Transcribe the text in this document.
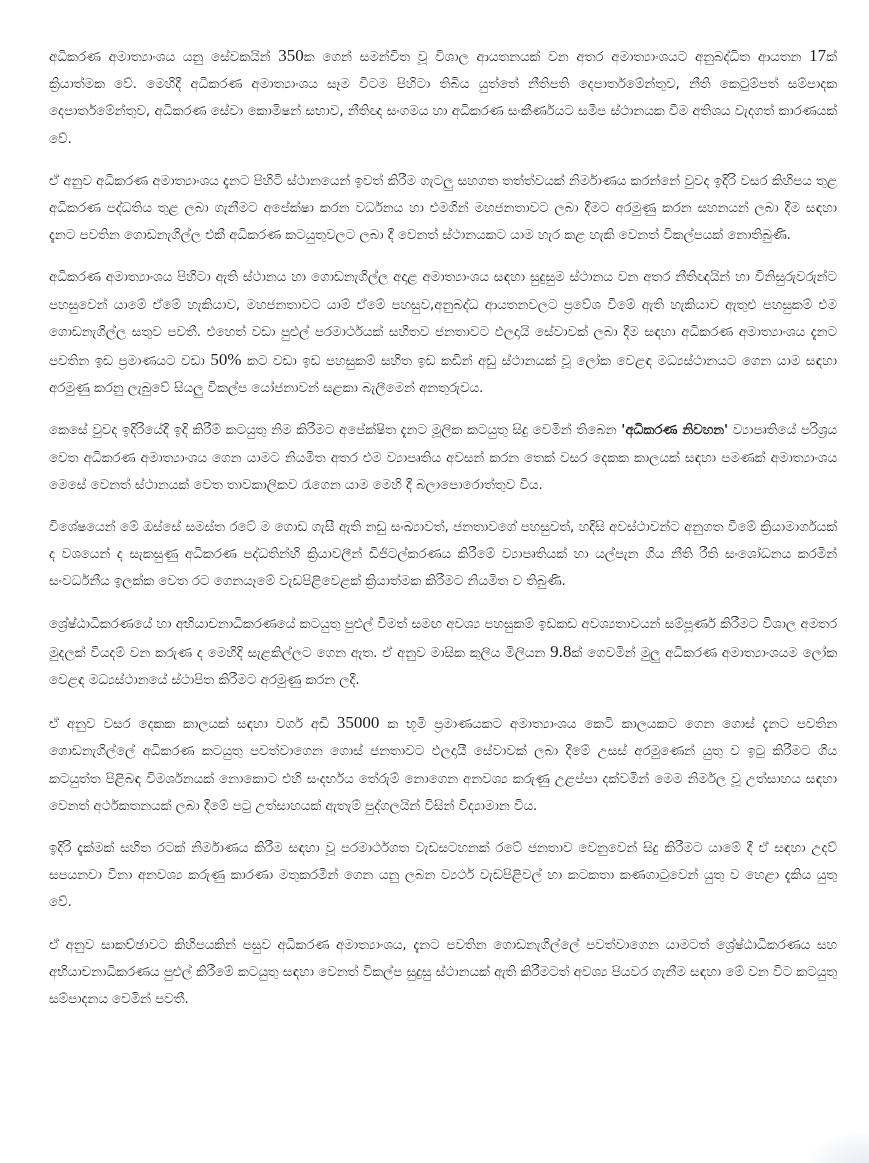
අධිකරණ අමාත්‍යාංශය යනු සේවකයින් 350ක ගෙන් සමන්විත වූ විශාල ආයතනයක් වන අතර අමාත්‍යාංශයට අනුබද්ධිත ආයතන 17ක් ක්‍රියාත්මක වේ. මෙහිදී අධිකරණ අමාත්‍යාංශය සෑම විටම පිහිටා තිබිය යුත්තේ නීතිපති දෙපාර්තමේන්තුව, නීති කෙටුම්පත් සම්පාදක දෙපාර්තමේන්තුව, අධිකරණ සේවා කොමිෂන් සභාව, නීතිඥ සංගමය හා අධිකරණ සංකීර්ණයට සමීප ස්ථානයක වීම අතිශය වැදගත් කාරණයක් වේ.

ඒ අනුව අධිකරණ අමාත්‍යාංශය දැනට පිහිටි ස්ථානයෙන් ඉවත් කිරීම ගැටලු සහගත තත්ත්වයක් නිර්මාණය කරන්නේ වුවද ඉදිරි වසර කිහිපය තුළ අධිකරණ පද්ධතිය තුළ ලබා ගැනීමට අපේක්ෂා කරන වර්ධනය හා එමගින් මහජනතාවට ලබා දීමට අරමුණු කරන සහනයන් ලබා දීම සඳහා දැනට පවතින ගොඩනැගිල්ල එකී අධිකරණ කටයුතුවලට ලබා දී වෙනත් ස්ථානයකට යාම හැර කළ හැකි වෙනත් විකල්පයක් නොතිබුණි.

අධිකරණ අමාත්‍යාංශය පිහිටා ඇති ස්ථානය හා ගොඩනැගිල්ල අදාළ අමාත්‍යාංශය සඳහා සුදුසුම ස්ථානය වන අතර නීතිඥයින් හා විනිසුරුවරුන්ට පහසුවෙන් යාමේ ඒමේ හැකියාව, මහජනතාවට යාම් ඒමේ පහසුව,අනුබද්ධ ආයතනවලට ප්‍රවේශ වීමේ ඇති හැකියාව ඇතුළු පහසුකම් එම ගොඩනැගිල්ල සතුව පවතී. එහෙත් වඩා පුළුල් පරමාර්ථයක් සහිතව ජනතාවට ඵලදායි සේවාවක් ලබා දීම සඳහා අධිකරණ අමාත්‍යාංශය දැනට පවතින ඉඩ ප්‍රමාණයට වඩා 50% කට වඩා ඉඩ පහසුකම් සහිත ඉඩ කඩින් අඩු ස්ථානයක් වූ ලෝක වෙළඳ මධ්‍යස්ථානයට ගෙන යාම සඳහා අරමුණු කරනු ලැබුවේ සියලු විකල්ප යෝජනාවන් සළකා බැලීමෙන් අනතුරුවය.

කෙසේ වුවද ඉදිරියේදී ඉදි කිරීම් කටයුතු නිම කිරීමට අපේක්ෂිත දැනට මූලික කටයුතු සිදු වෙමින් තිබෙන 'අධිකරණ නිවහන' ව්‍යාපෘතියේ පරිශ්‍රය වෙත අධිකරණ අමාත්‍යාංශය ගෙන යාමට නියමිත අතර එම ව්‍යාපෘතිය අවසන් කරන තෙක් වසර දෙකක කාලයක් සඳහා පමණක් අමාත්‍යාංශය මෙසේ වෙනත් ස්ථානයක් වෙත තාවකාලිකව රැගෙන යාම මෙහි දී බලාපොරොත්තුව විය.

විශේෂයෙන් මේ ඔස්සේ සමස්ත රටේ ම ගොඩ ගැසී ඇති නඩු සංඛ්‍යාවත්, ජනතාවගේ පහසුවත්, හදිසි අවස්ථාවන්ට අනුගත වීමේ ක්‍රියාමාර්ගයක් ද වශයෙන් ද සැකසුණු අධිකරණ පද්ධතින්හි ක්‍රියාවලීන් ඩිජිටල්කරණය කිරීමේ ව්‍යාපෘතියක් හා යල්පැන ගිය නීති රීති සංශෝධනය කරමින් සංවර්ධනීය ඉලක්ක වෙත රට ගෙනයෑමේ වැඩපිළිවෙළක් ක්‍රියාත්මක කිරීමට නියමිත ව තිබුණි.

ශ්‍රේෂ්ඨාධිකරණයේ හා අභියාචනාධිකරණයේ කටයුතු පුළුල් වීමත් සමඟ අවශ්‍ය පහසුකම් ඉඩකඩ අවශ්‍යතාවයන් සම්පූර්ණ කිරීමට විශාල අමතර මුදලක් වියදම් වන කරුණ ද මෙහිදි සැළකිල්ලට ගෙන ඇත. ඒ අනුව මාසික කුලිය මිලියන 9.8ක් ගෙවමින් මුලු අධිකරණ අමාත්‍යාංශයම ලෝක වෙළඳ මධ්‍යස්ථානයේ ස්ථාපිත කිරීමට අරමුණු කරන ලදී.

ඒ අනුව වසර දෙකක කාලයක් සඳහා වර්ග අඩි 35000 ක භූමි ප්‍රමාණයකට අමාත්‍යාංශය කෙටි කාලයකට ගෙන ගොස් දැනට පවතින ගොඩනැගිල්ලේ අධිකරණ කටයුතු පවත්වාගෙන ගොස් ජනතාවට ඵලදායී සේවාවක් ලබා දීමේ උසස් අරමුණෙන් යුතු ව ඉටු කිරීමට ගිය කටයුත්ත පිළිබඳ විමර්ශනයක් නොකොට එහි සංදර්භය තේරුම් නොගෙන අනවශ්‍ය කරුණු උළප්පා දක්වමින් මෙම නිර්මල වූ උත්සාහය සඳහා වෙනත් අර්ථකතනයක් ලබා දීමේ පටු උත්සාහයක් ඇතැම් පුද්ගලයින් විසින් විද්‍යාමාන විය.

ඉදිරි දැක්මක් සහිත රටක් නිර්මාණය කිරීම සඳහා වූ පරමාර්ථගත වැඩසටහනක් රටේ ජනතාව වෙනුවෙන් සිදු කිරීමට යාමේ දී ඒ සඳහා උදව් සපයනවා විනා අනවශ්‍ය කරුණු කාරණා මතුකරමින් ගෙන යනු ලබන ව්‍යර්ථ වැඩපිළිවල් හා කටකතා කණගාටුවෙන් යුතු ව හෙළා දැකිය යුතු වේ.

ඒ අනුව සාකච්ඡාවට කිහිපයකින් පසුව අධිකරණ අමාත්‍යාංශය, දැනට පවතින ගොඩනැගිල්ලේ පවත්වාගෙන යාමටත් ශ්‍රේෂ්ඨාධිකරණය සහ අභියාචනාධිකරණය පුළුල් කිරීමේ කටයුතු සඳහා වෙනත් විකල්ප සුදුසු ස්ථානයක් ඇති කිරීමටත් අවශ්‍ය පියවර ගැනීම සඳහා මේ වන විට කටයුතු සම්පාදනය වෙමින් පවතී.
